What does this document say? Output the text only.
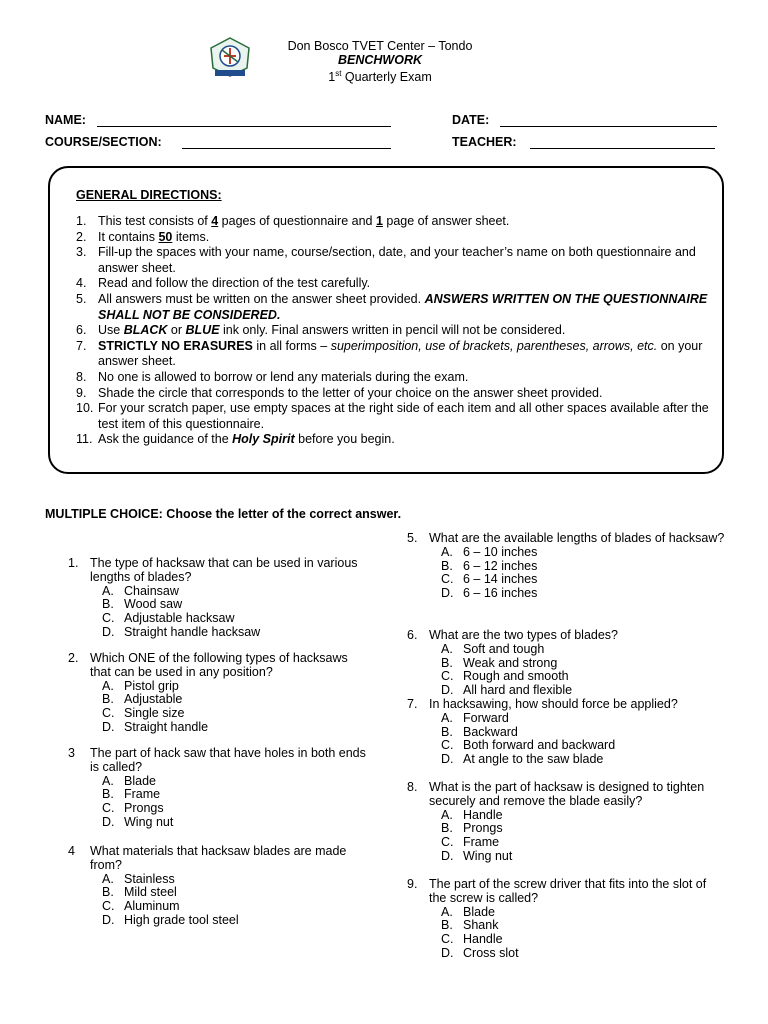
Don Bosco TVET Center – Tondo
BENCHWORK
1st Quarterly Exam
NAME:	DATE:
COURSE/SECTION:	TEACHER:
GENERAL DIRECTIONS:
1. This test consists of 4 pages of questionnaire and 1 page of answer sheet.
2. It contains 50 items.
3. Fill-up the spaces with your name, course/section, date, and your teacher’s name on both questionnaire and answer sheet.
4. Read and follow the direction of the test carefully.
5. All answers must be written on the answer sheet provided. ANSWERS WRITTEN ON THE QUESTIONNAIRE SHALL NOT BE CONSIDERED.
6. Use BLACK or BLUE ink only. Final answers written in pencil will not be considered.
7. STRICTLY NO ERASURES in all forms – superimposition, use of brackets, parentheses, arrows, etc. on your answer sheet.
8. No one is allowed to borrow or lend any materials during the exam.
9. Shade the circle that corresponds to the letter of your choice on the answer sheet provided.
10. For your scratch paper, use empty spaces at the right side of each item and all other spaces available after the test item of this questionnaire.
11. Ask the guidance of the Holy Spirit before you begin.
MULTIPLE CHOICE: Choose the letter of the correct answer.
1. The type of hacksaw that can be used in various lengths of blades?
A. Chainsaw
B. Wood saw
C. Adjustable hacksaw
D. Straight handle hacksaw
2. Which ONE of the following types of hacksaws that can be used in any position?
A. Pistol grip
B. Adjustable
C. Single size
D. Straight handle
3	The part of hack saw that have holes in both ends is called?
A. Blade
B. Frame
C. Prongs
D. Wing nut
4	What materials that hacksaw blades are made from?
A. Stainless
B. Mild steel
C. Aluminum
D. High grade tool steel
5. What are the available lengths of blades of hacksaw?
A. 6 – 10 inches
B. 6 – 12 inches
C. 6 – 14 inches
D. 6 – 16 inches
6. What are the two types of blades?
A. Soft and tough
B. Weak and strong
C. Rough and smooth
D. All hard and flexible
7. In hacksawing, how should force be applied?
A. Forward
B. Backward
C. Both forward and backward
D. At angle to the saw blade
8. What is the part of hacksaw is designed to tighten securely and remove the blade easily?
A. Handle
B. Prongs
C. Frame
D. Wing nut
9. The part of the screw driver that fits into the slot of the screw is called?
A. Blade
B. Shank
C. Handle
D. Cross slot
